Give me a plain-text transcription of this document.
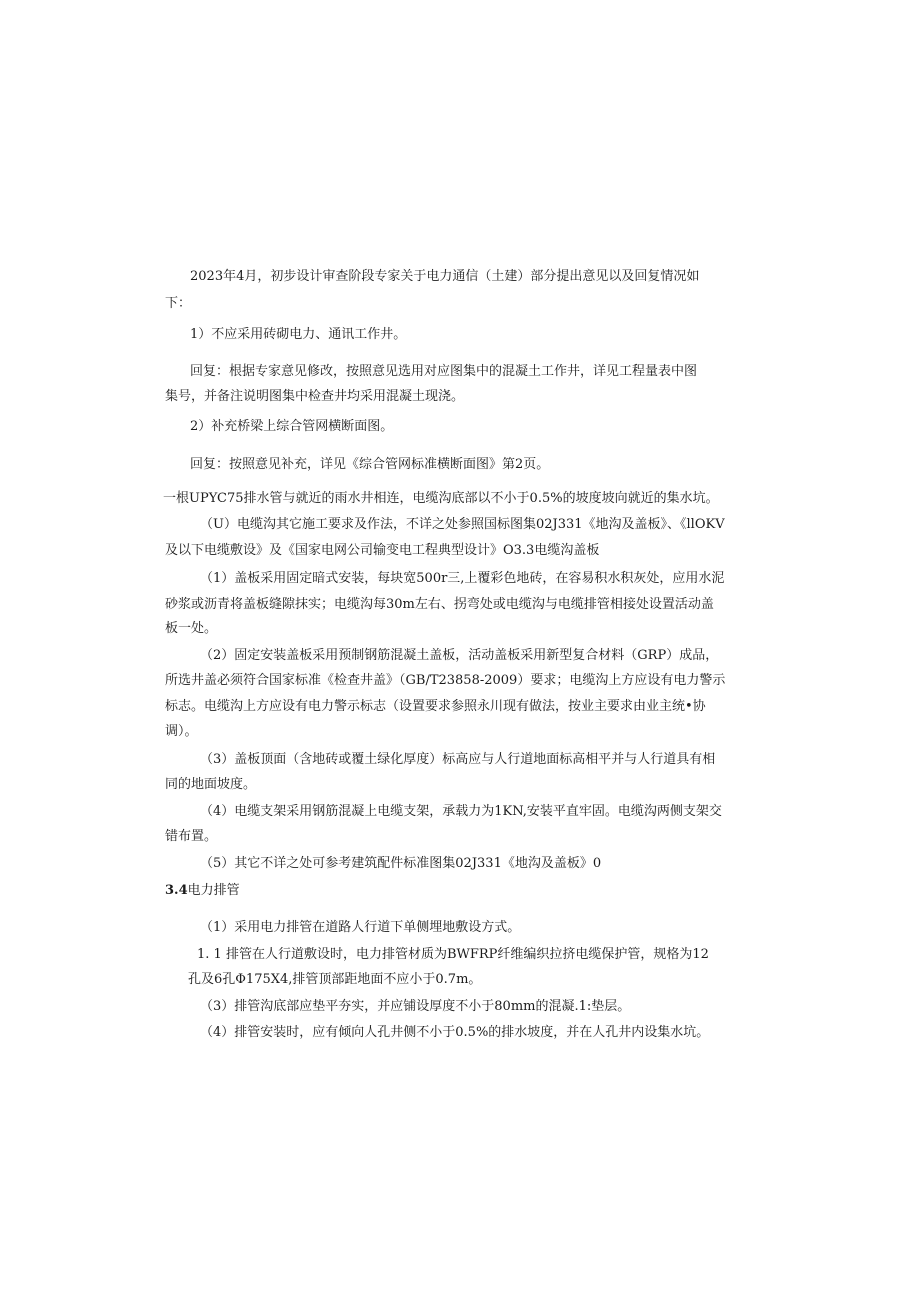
2023年4月，初步设计审查阶段专家关于电力通信（土建）部分提出意见以及回复情况如
下：
1）不应采用砖砌电力、通讯工作井。
回复：根据专家意见修改，按照意见选用对应图集中的混凝土工作井，详见工程量表中图
集号，并备注说明图集中检查井均采用混凝土现浇。
2）补充桥梁上综合管网横断面图。
回复：按照意见补充，详见《综合管网标准横断面图》第2页。
一根UPYC75排水管与就近的雨水井相连，电缆沟底部以不小于0.5%的坡度坡向就近的集水坑。
（U）电缆沟其它施工要求及作法，不详之处参照国标图集02J331《地沟及盖板》、《llOKV
及以下电缆敷设》及《国家电网公司输变电工程典型设计》O3.3电缆沟盖板
（1）盖板采用固定暗式安装，每块宽500r三,上覆彩色地砖，在容易积水积灰处，应用水泥
砂浆或沥青将盖板缝隙抹实；电缆沟每30m左右、拐弯处或电缆沟与电缆排管相接处设置活动盖
板一处。
（2）固定安装盖板采用预制钢筋混凝土盖板，活动盖板采用新型复合材料（GRP）成品，
所选井盖必须符合国家标准《检查井盖》（GB/T23858-2009）要求；电缆沟上方应设有电力警示
标志。电缆沟上方应设有电力警示标志（设置要求参照永川现有做法，按业主要求由业主统•协
调）。
（3）盖板顶面（含地砖或覆土绿化厚度）标高应与人行道地面标高相平并与人行道具有相
同的地面坡度。
（4）电缆支架采用钢筋混凝上电缆支架，承载力为1KN,安装平直牢固。电缆沟两侧支架交
错布置。
（5）其它不详之处可参考建筑配件标准图集02J331《地沟及盖板》0
3.4电力排管
（1）采用电力排管在道路人行道下单侧埋地敷设方式。
1. 1 排管在人行道敷设时，电力排管材质为BWFRP纤维编织拉挤电缆保护管，规格为12
孔及6孔Φ175X4,排管顶部距地面不应小于0.7m。
（3）排管沟底部应垫平夯实，并应铺设厚度不小于80mm的混凝.1:垫层。
（4）排管安装时，应有倾向人孔井侧不小于0.5%的排水坡度，并在人孔井内设集水坑。
